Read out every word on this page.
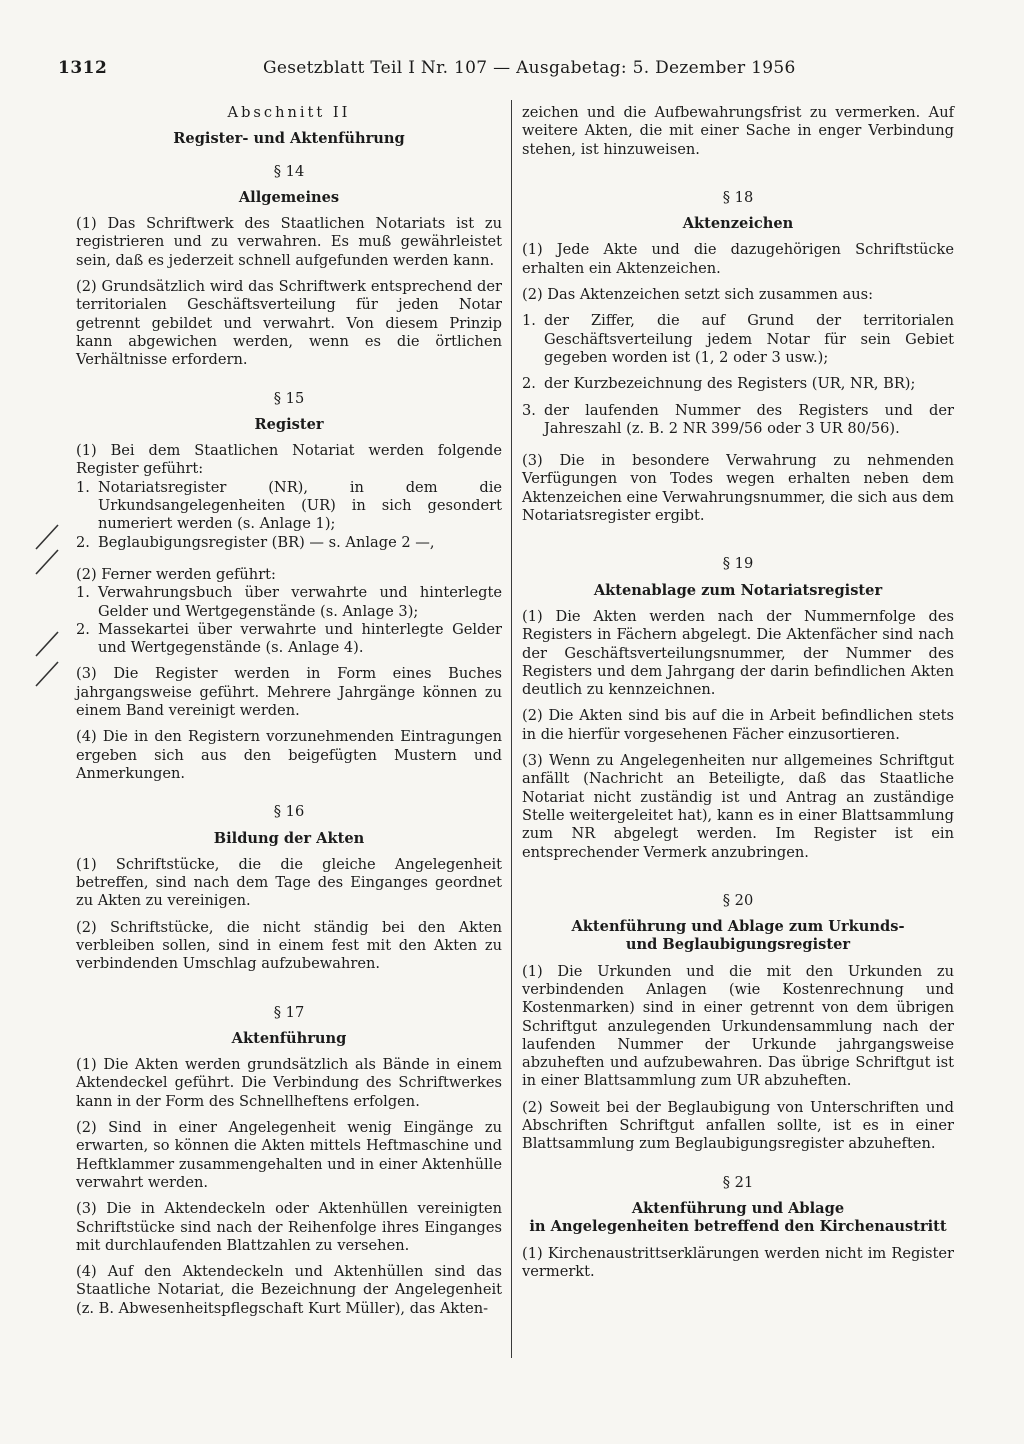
1312	Gesetzblatt Teil I Nr. 107 — Ausgabetag: 5. Dezember 1956

Abschnitt II

Register- und Aktenführung

§ 14

Allgemeines

(1) Das Schriftwerk des Staatlichen Notariats ist zu registrieren und zu verwahren. Es muß gewährleistet sein, daß es jederzeit schnell aufgefunden werden kann.

(2) Grundsätzlich wird das Schriftwerk entsprechend der territorialen Geschäftsverteilung für jeden Notar getrennt gebildet und verwahrt. Von diesem Prinzip kann abgewichen werden, wenn es die örtlichen Verhältnisse erfordern.

§ 15

Register

(1) Bei dem Staatlichen Notariat werden folgende Register geführt:

1. Notariatsregister (NR), in dem die Urkundsangelegenheiten (UR) in sich gesondert numeriert werden (s. Anlage 1);
2. Beglaubigungsregister (BR) — s. Anlage 2 —,

(2) Ferner werden geführt:

1. Verwahrungsbuch über verwahrte und hinterlegte Gelder und Wertgegenstände (s. Anlage 3);
2. Massekartei über verwahrte und hinterlegte Gelder und Wertgegenstände (s. Anlage 4).

(3) Die Register werden in Form eines Buches jahrgangsweise geführt. Mehrere Jahrgänge können zu einem Band vereinigt werden.

(4) Die in den Registern vorzunehmenden Eintragungen ergeben sich aus den beigefügten Mustern und Anmerkungen.

§ 16

Bildung der Akten

(1) Schriftstücke, die die gleiche Angelegenheit betreffen, sind nach dem Tage des Einganges geordnet zu Akten zu vereinigen.

(2) Schriftstücke, die nicht ständig bei den Akten verbleiben sollen, sind in einem fest mit den Akten zu verbindenden Umschlag aufzubewahren.

§ 17

Aktenführung

(1) Die Akten werden grundsätzlich als Bände in einem Aktendeckel geführt. Die Verbindung des Schriftwerkes kann in der Form des Schnellheftens erfolgen.

(2) Sind in einer Angelegenheit wenig Eingänge zu erwarten, so können die Akten mittels Heftmaschine und Heftklammer zusammengehalten und in einer Aktenhülle verwahrt werden.

(3) Die in Aktendeckeln oder Aktenhüllen vereinigten Schriftstücke sind nach der Reihenfolge ihres Einganges mit durchlaufenden Blattzahlen zu versehen.

(4) Auf den Aktendeckeln und Aktenhüllen sind das Staatliche Notariat, die Bezeichnung der Angelegenheit (z. B. Abwesenheitspflegschaft Kurt Müller), das Akten-

zeichen und die Aufbewahrungsfrist zu vermerken. Auf weitere Akten, die mit einer Sache in enger Verbindung stehen, ist hinzuweisen.

§ 18

Aktenzeichen

(1) Jede Akte und die dazugehörigen Schriftstücke erhalten ein Aktenzeichen.

(2) Das Aktenzeichen setzt sich zusammen aus:

1. der Ziffer, die auf Grund der territorialen Geschäftsverteilung jedem Notar für sein Gebiet gegeben worden ist (1, 2 oder 3 usw.);
2. der Kurzbezeichnung des Registers (UR, NR, BR);
3. der laufenden Nummer des Registers und der Jahreszahl (z. B. 2 NR 399/56 oder 3 UR 80/56).

(3) Die in besondere Verwahrung zu nehmenden Verfügungen von Todes wegen erhalten neben dem Aktenzeichen eine Verwahrungsnummer, die sich aus dem Notariatsregister ergibt.

§ 19

Aktenablage zum Notariatsregister

(1) Die Akten werden nach der Nummernfolge des Registers in Fächern abgelegt. Die Aktenfächer sind nach der Geschäftsverteilungsnummer, der Nummer des Registers und dem Jahrgang der darin befindlichen Akten deutlich zu kennzeichnen.

(2) Die Akten sind bis auf die in Arbeit befindlichen stets in die hierfür vorgesehenen Fächer einzusortieren.

(3) Wenn zu Angelegenheiten nur allgemeines Schriftgut anfällt (Nachricht an Beteiligte, daß das Staatliche Notariat nicht zuständig ist und Antrag an zuständige Stelle weitergeleitet hat), kann es in einer Blattsammlung zum NR abgelegt werden. Im Register ist ein entsprechender Vermerk anzubringen.

§ 20

Aktenführung und Ablage zum Urkunds-

und Beglaubigungsregister

(1) Die Urkunden und die mit den Urkunden zu verbindenden Anlagen (wie Kostenrechnung und Kostenmarken) sind in einer getrennt von dem übrigen Schriftgut anzulegenden Urkundensammlung nach der laufenden Nummer der Urkunde jahrgangsweise abzuheften und aufzubewahren. Das übrige Schriftgut ist in einer Blattsammlung zum UR abzuheften.

(2) Soweit bei der Beglaubigung von Unterschriften und Abschriften Schriftgut anfallen sollte, ist es in einer Blattsammlung zum Beglaubigungsregister abzuheften.

§ 21

Aktenführung und Ablage

in Angelegenheiten betreffend den Kirchenaustritt

(1) Kirchenaustrittserklärungen werden nicht im Register vermerkt.
